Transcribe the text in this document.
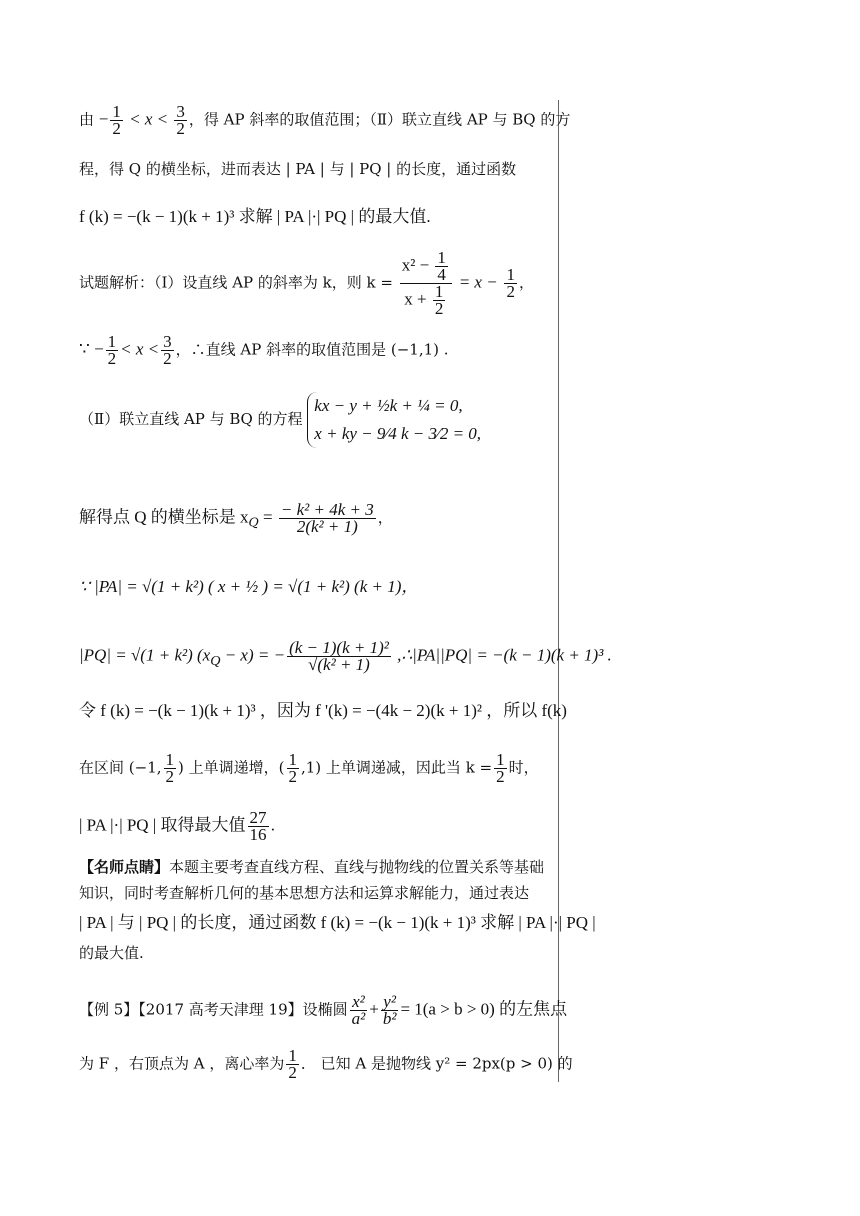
由 − $\frac{1}{2} < x < \frac{3}{2}$ ，得 AP 斜率的取值范围；（Ⅱ）联立直线 AP 与 BQ 的方
程，得 Q 的横坐标，进而表达 | PA | 与 | PQ | 的长度，通过函数
f (k) = −(k − 1)(k + 1)³ 求解 | PA |·| PQ | 的最大值.
试题解析：（Ⅰ）设直线 AP 的斜率为 k，则 $k = \frac{x^2 - \frac{1}{4}}{x + \frac{1}{2}} = x - \frac{1}{2}$ ，
∵ − $\frac{1}{2} < x < \frac{3}{2}$ ，∴直线 AP 斜率的取值范围是 (−1,1) .
（Ⅱ）联立直线 AP 与 BQ 的方程
kx − y + ½k + ¼ = 0,
x + ky − 9⁄4 k − 3⁄2 = 0,
解得点 Q 的横坐标是 $x_Q = \frac{\text{− k² + 4k + 3}}{\text{2(k² + 1)}}$ ，
∵ |PA| = √(1 + k²) ( x + ½ ) = √(1 + k²) (k + 1)，
|PQ| = √(1 + k²) $(x_Q - x)$ = − $\frac{\text{(k − 1)(k + 1)²}}{\text{√(k² + 1)}}$ ,∴|PA||PQ| = −(k − 1)(k + 1)³ .
令 f (k) = −(k − 1)(k + 1)³ ，因为 f '(k) = −(4k − 2)(k + 1)² ，所以 f(k)
在区间 (−1, $\frac{1}{2}$ ) 上单调递增，( $\frac{1}{2} ,1$) 上单调递减，因此当 $k = \frac{1}{2}$ 时，
| PA |·| PQ | 取得最大值 $\frac{27}{16}$ .
【名师点睛】本题主要考查直线方程、直线与抛物线的位置关系等基础
知识，同时考查解析几何的基本思想方法和运算求解能力，通过表达
| PA | 与 | PQ | 的长度，通过函数 f (k) = −(k − 1)(k + 1)³ 求解 | PA |·| PQ |
的最大值.
【例 5】【2017 高考天津理 19】设椭圆 $\frac{\text{x²}}{\text{a²}} + \frac{\text{y²}}{\text{b²}} = 1(a > b > 0)$ 的左焦点
为 F ，右顶点为 A ，离心率为 $\frac{1}{2}$ ． 已知 A 是抛物线 y² = 2px(p > 0) 的
